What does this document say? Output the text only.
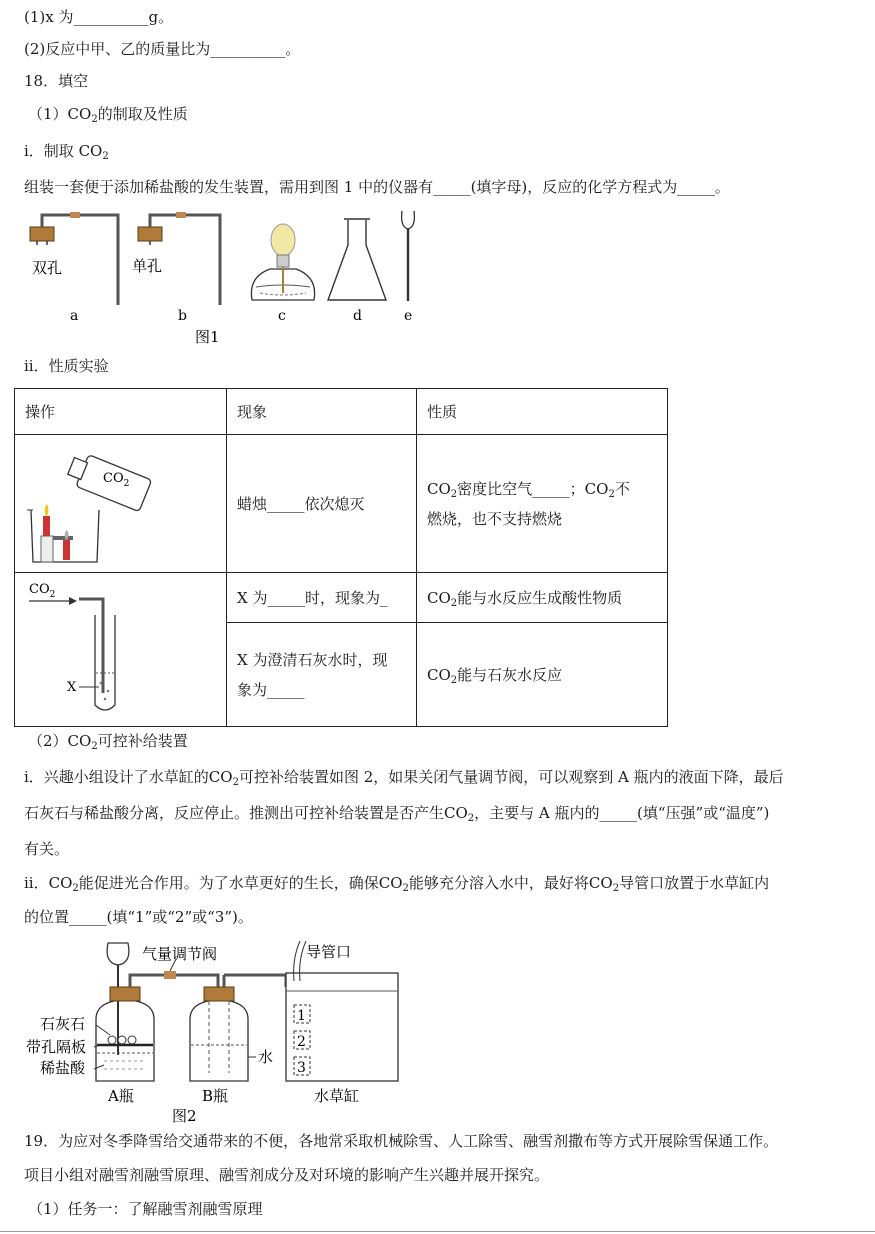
(1)x 为__________g。
(2)反应中甲、乙的质量比为__________。
18．填空
$(1)CO_2$的制取及性质
i．制取 $CO_2$
组装一套便于添加稀盐酸的发生装置，需用到图 1 中的仪器有_____(填字母)，反应的化学方程式为_____。
双孔	单孔
a	b	c	d	e
图1
ii．性质实验
操作	现象	性质

$CO_2$	蜡烛_____依次熄灭	$CO_2$密度比空气_____；$CO_2$不
燃烧，也不支持燃烧

$CO_2$
X	X 为_____时，现象为_	$CO_2$能与水反应生成酸性物质

	X 为澄清石灰水时，现
象为_____	$CO_2$能与石灰水反应
$(2)CO_2$可控补给装置
i．兴趣小组设计了水草缸的$CO_2$可控补给装置如图 2，如果关闭气量调节阀，可以观察到 A 瓶内的液面下降，最后
石灰石与稀盐酸分离，反应停止。推测出可控补给装置是否产生$CO_2$，主要与 A 瓶内的_____(填“压强”或“温度”)
有关。
ii．$CO_2$能促进光合作用。为了水草更好的生长，确保$CO_2$能够充分溶入水中，最好将$CO_2$导管口放置于水草缸内
的位置_____(填“1”或“2”或“3”)。
气量调节阀
水
石灰石
带孔隔板
稀盐酸
A瓶	B瓶
图2
导管口
1
2
3
水草缸
19．为应对冬季降雪给交通带来的不便，各地常采取机械除雪、人工除雪、融雪剂撒布等方式开展除雪保通工作。
项目小组对融雪剂融雪原理、融雪剂成分及对环境的影响产生兴趣并展开探究。
（1）任务一：了解融雪剂融雪原理
